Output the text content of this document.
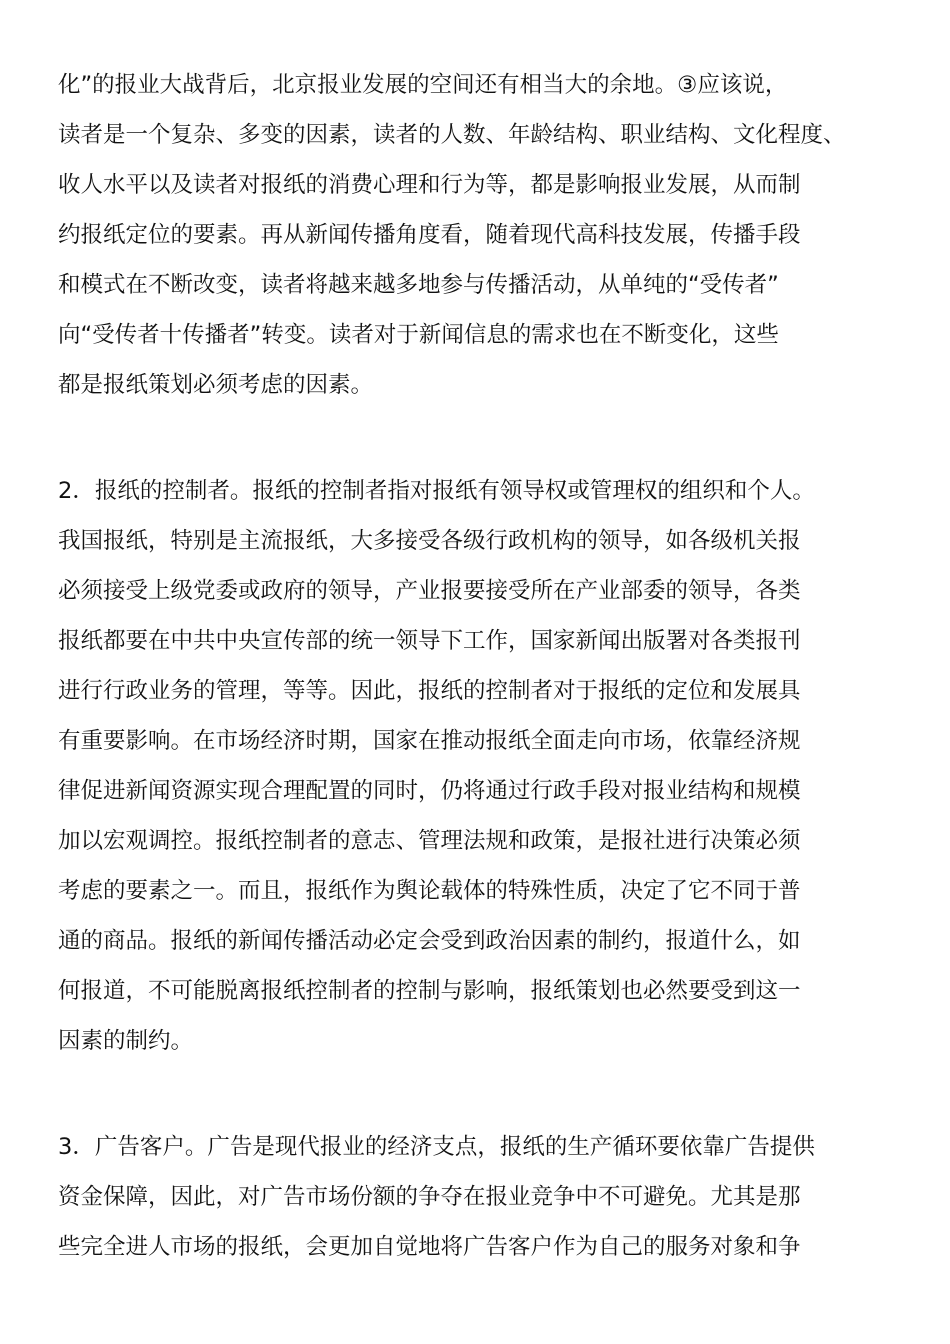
化”的报业大战背后，北京报业发展的空间还有相当大的余地。③应该说，
读者是一个复杂、多变的因素，读者的人数、年龄结构、职业结构、文化程度、
收人水平以及读者对报纸的消费心理和行为等，都是影响报业发展，从而制
约报纸定位的要素。再从新闻传播角度看，随着现代高科技发展，传播手段
和模式在不断改变，读者将越来越多地参与传播活动，从单纯的“受传者”
向“受传者十传播者”转变。读者对于新闻信息的需求也在不断变化，这些
都是报纸策划必须考虑的因素。
2．报纸的控制者。报纸的控制者指对报纸有领导权或管理权的组织和个人。
我国报纸，特别是主流报纸，大多接受各级行政机构的领导，如各级机关报
必须接受上级党委或政府的领导，产业报要接受所在产业部委的领导，各类
报纸都要在中共中央宣传部的统一领导下工作，国家新闻出版署对各类报刊
进行行政业务的管理，等等。因此，报纸的控制者对于报纸的定位和发展具
有重要影响。在市场经济时期，国家在推动报纸全面走向市场，依靠经济规
律促进新闻资源实现合理配置的同时，仍将通过行政手段对报业结构和规模
加以宏观调控。报纸控制者的意志、管理法规和政策，是报社进行决策必须
考虑的要素之一。而且，报纸作为舆论载体的特殊性质，决定了它不同于普
通的商品。报纸的新闻传播活动必定会受到政治因素的制约，报道什么，如
何报道，不可能脱离报纸控制者的控制与影响，报纸策划也必然要受到这一
因素的制约。
3．广告客户。广告是现代报业的经济支点，报纸的生产循环要依靠广告提供
资金保障，因此，对广告市场份额的争夺在报业竞争中不可避免。尤其是那
些完全进人市场的报纸，会更加自觉地将广告客户作为自己的服务对象和争
